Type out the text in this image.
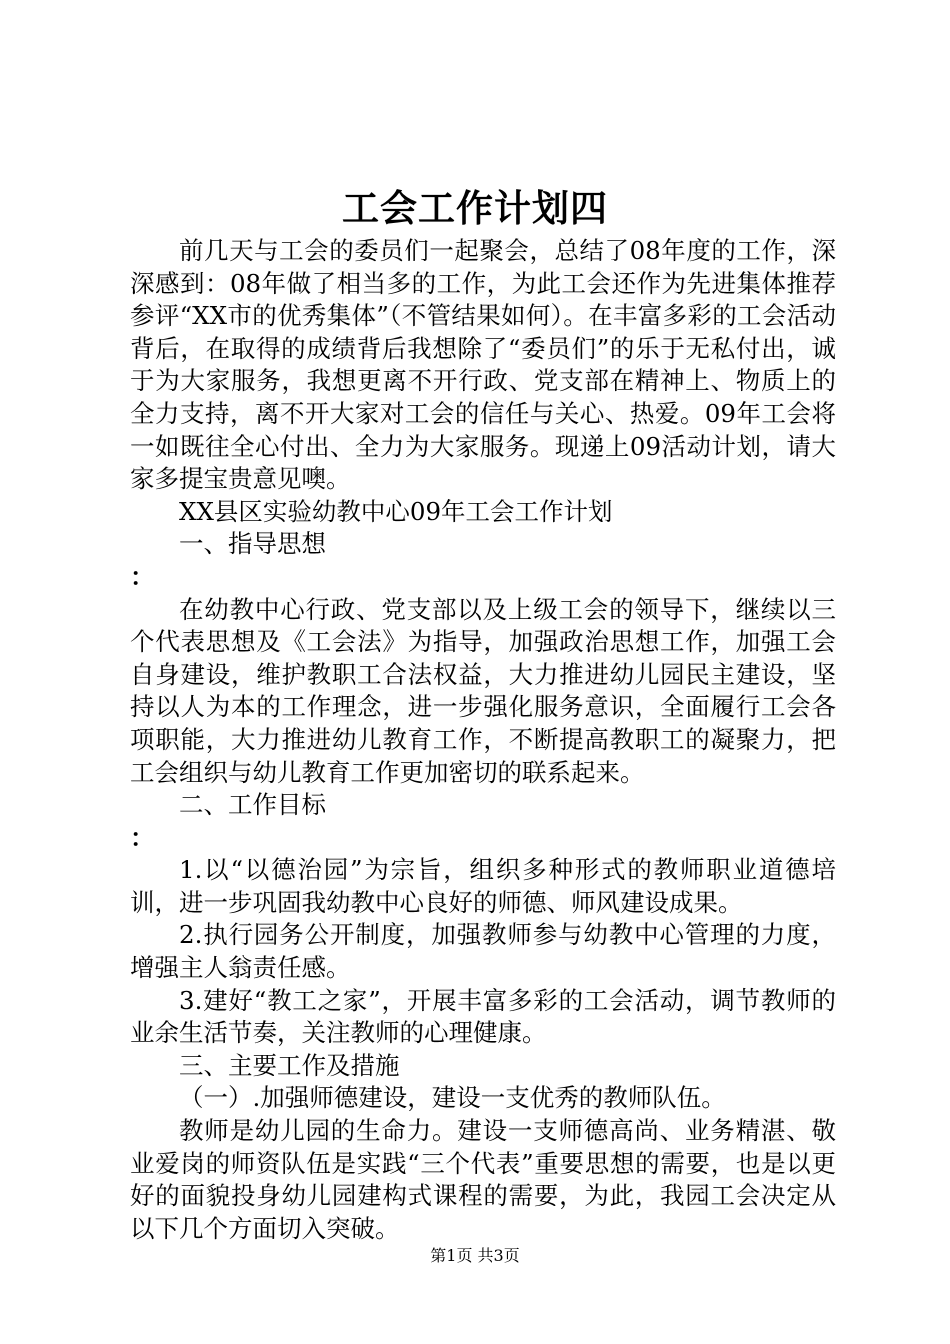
工会工作计划四

前几天与工会的委员们一起聚会，总结了08年度的工作，深深感到：08年做了相当多的工作，为此工会还作为先进集体推荐参评“XX市的优秀集体”（不管结果如何）。在丰富多彩的工会活动背后，在取得的成绩背后我想除了“委员们”的乐于无私付出，诚于为大家服务，我想更离不开行政、党支部在精神上、物质上的全力支持，离不开大家对工会的信任与关心、热爱。09年工会将一如既往全心付出、全力为大家服务。现递上09活动计划，请大家多提宝贵意见噢。

XX县区实验幼教中心09年工会工作计划

一、指导思想

：

在幼教中心行政、党支部以及上级工会的领导下，继续以三个代表思想及《工会法》为指导，加强政治思想工作，加强工会自身建设，维护教职工合法权益，大力推进幼儿园民主建设，坚持以人为本的工作理念，进一步强化服务意识，全面履行工会各项职能，大力推进幼儿教育工作，不断提高教职工的凝聚力，把工会组织与幼儿教育工作更加密切的联系起来。

二、工作目标

：

1.以“以德治园”为宗旨，组织多种形式的教师职业道德培训，进一步巩固我幼教中心良好的师德、师风建设成果。

2.执行园务公开制度，加强教师参与幼教中心管理的力度，增强主人翁责任感。

3.建好“教工之家”，开展丰富多彩的工会活动，调节教师的业余生活节奏，关注教师的心理健康。

三、主要工作及措施

（一）.加强师德建设，建设一支优秀的教师队伍。

教师是幼儿园的生命力。建设一支师德高尚、业务精湛、敬业爱岗的师资队伍是实践“三个代表”重要思想的需要，也是以更好的面貌投身幼儿园建构式课程的需要，为此，我园工会决定从以下几个方面切入突破。

第1页 共3页
